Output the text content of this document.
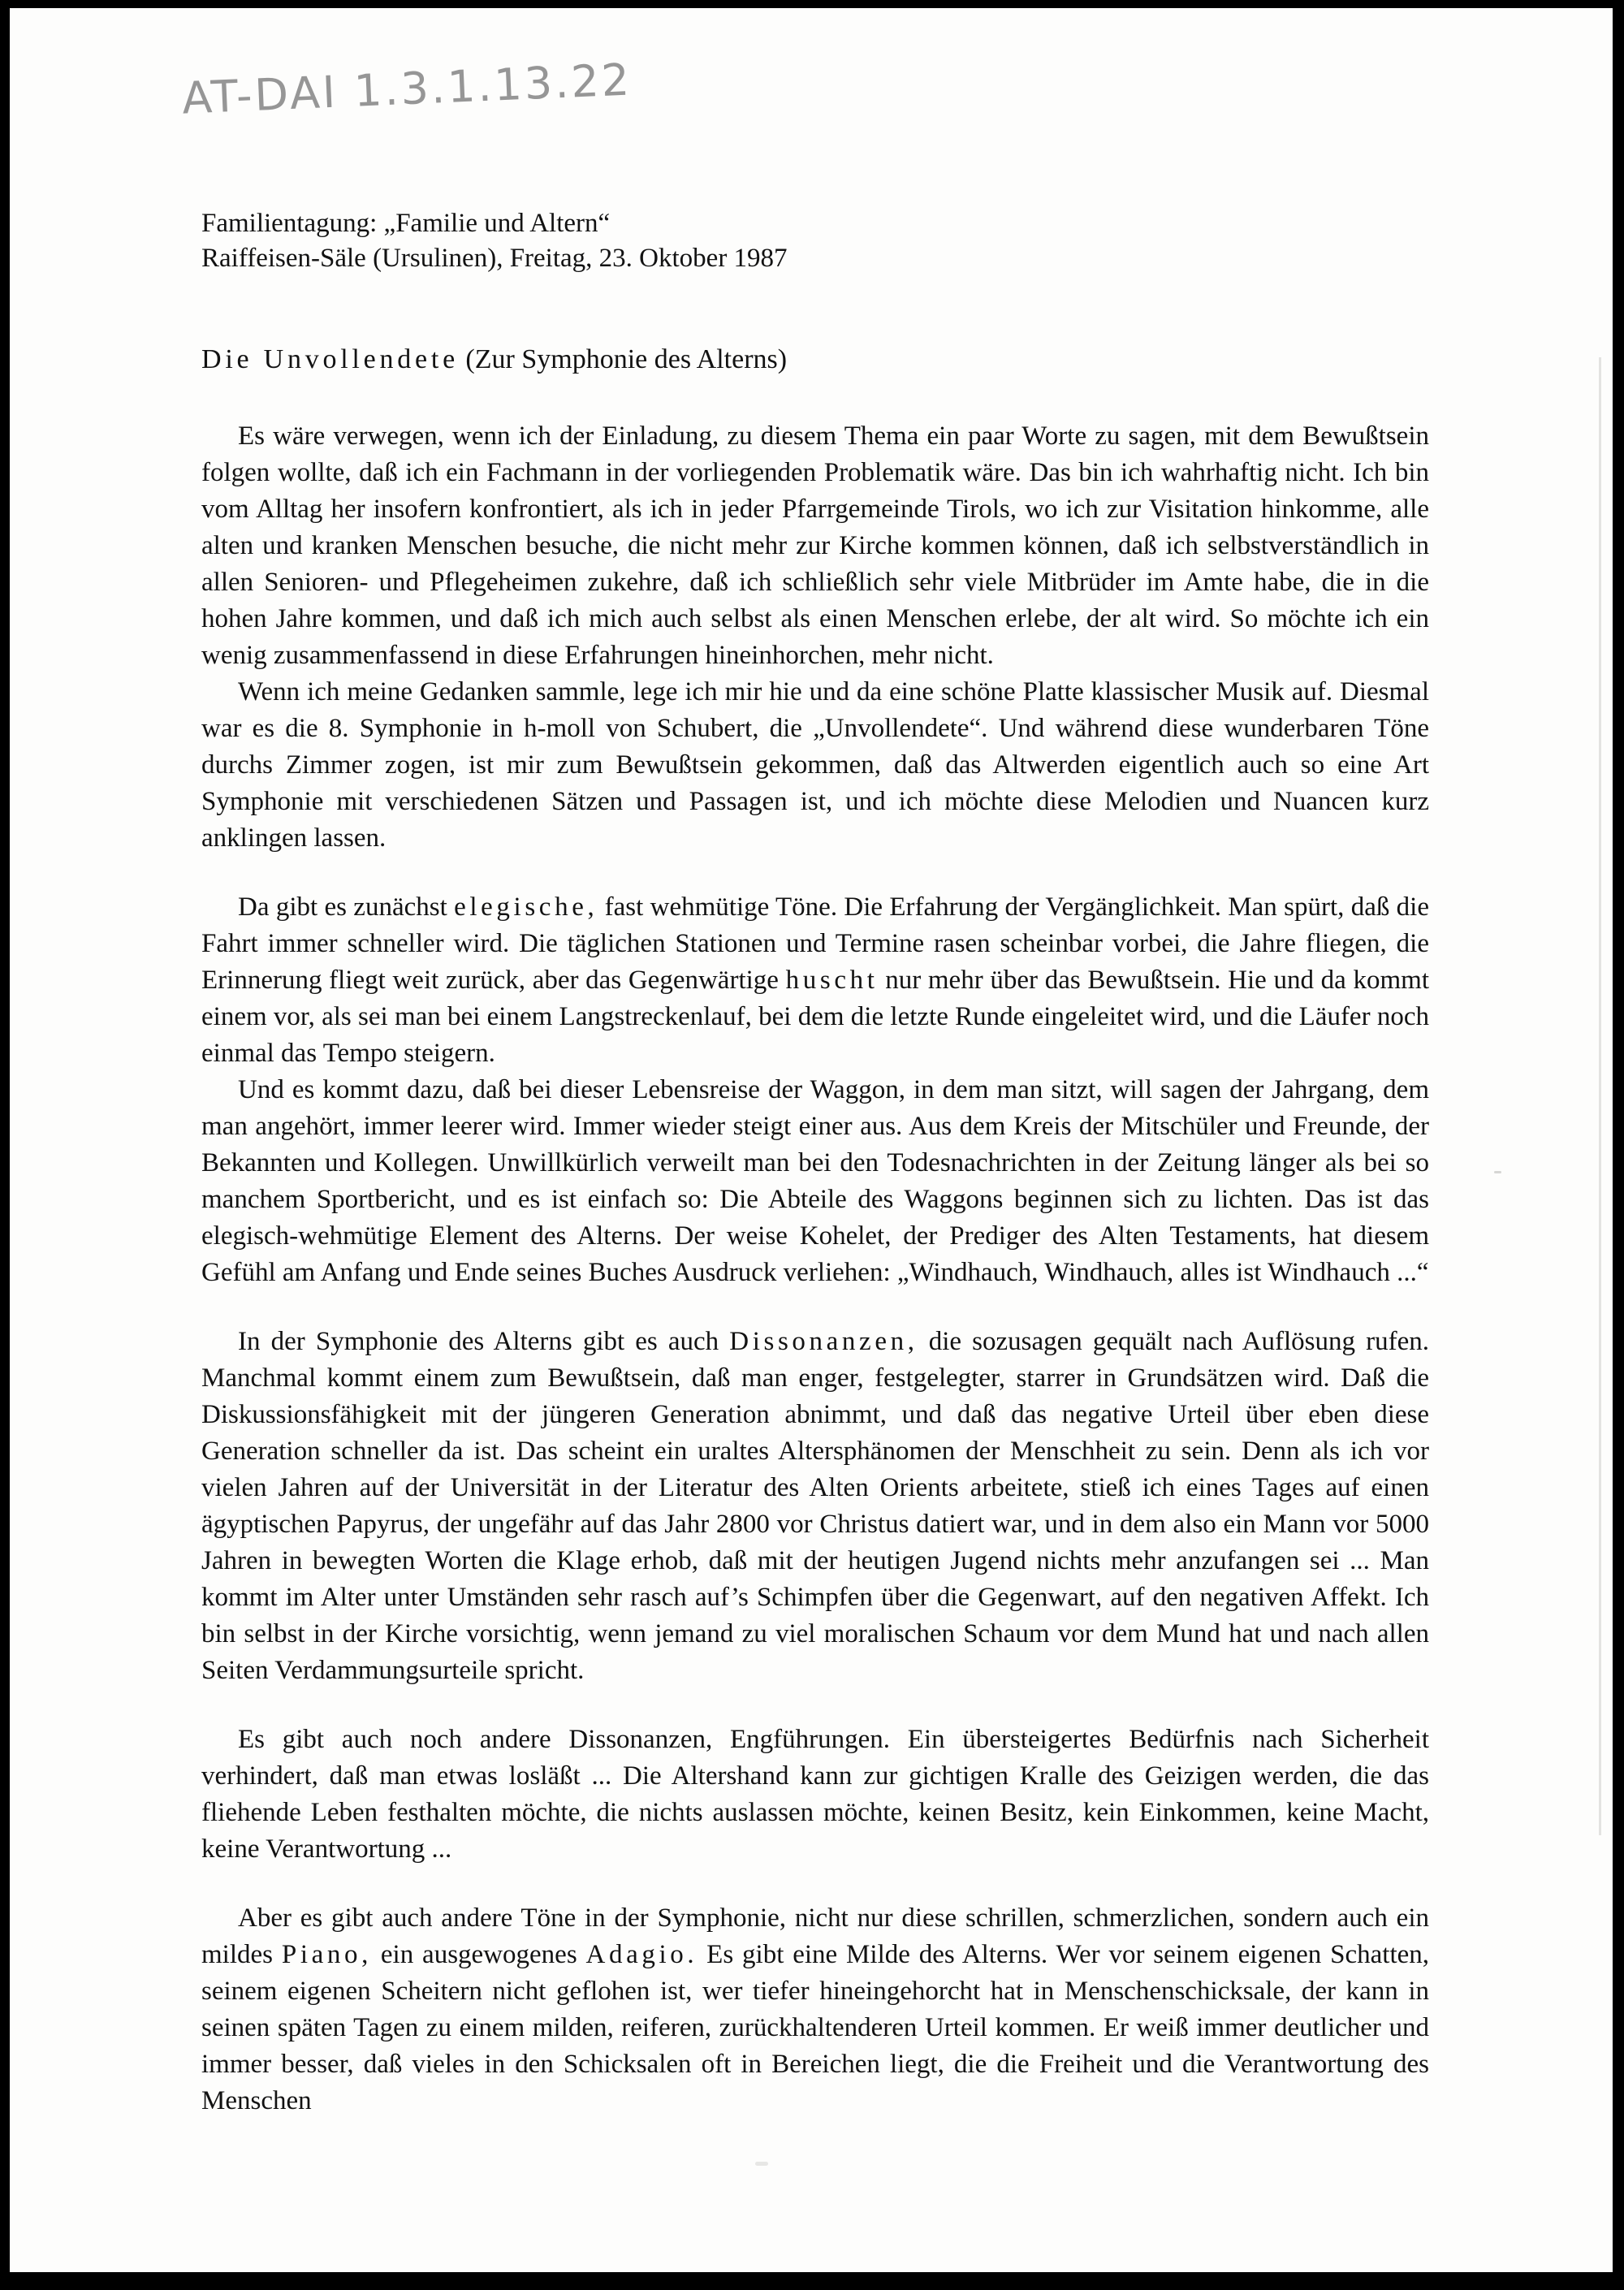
AT-DAI 1.3.1.13.22
Familientagung: „Familie und Altern“
Raiffeisen-Säle (Ursulinen), Freitag, 23. Oktober 1987
Die Unvollendete (Zur Symphonie des Alterns)

Es wäre verwegen, wenn ich der Einladung, zu diesem Thema ein paar Worte zu sagen, mit dem Bewußtsein folgen wollte, daß ich ein Fachmann in der vorliegenden Problematik wäre. Das bin ich wahrhaftig nicht. Ich bin vom Alltag her insofern konfrontiert, als ich in jeder Pfarrgemeinde Tirols, wo ich zur Visitation hinkomme, alle alten und kranken Menschen besuche, die nicht mehr zur Kirche kommen können, daß ich selbstverständlich in allen Senioren- und Pflegeheimen zukehre, daß ich schließlich sehr viele Mitbrüder im Amte habe, die in die hohen Jahre kommen, und daß ich mich auch selbst als einen Menschen erlebe, der alt wird. So möchte ich ein wenig zusammenfassend in diese Erfahrungen hineinhorchen, mehr nicht.

Wenn ich meine Gedanken sammle, lege ich mir hie und da eine schöne Platte klassischer Musik auf. Diesmal war es die 8. Symphonie in h-moll von Schubert, die „Unvollendete“. Und während diese wunderbaren Töne durchs Zimmer zogen, ist mir zum Bewußtsein gekommen, daß das Altwerden eigentlich auch so eine Art Symphonie mit verschiedenen Sätzen und Passagen ist, und ich möchte diese Melodien und Nuancen kurz anklingen lassen.

Da gibt es zunächst elegische, fast wehmütige Töne. Die Erfahrung der Vergänglichkeit. Man spürt, daß die Fahrt immer schneller wird. Die täglichen Stationen und Termine rasen scheinbar vorbei, die Jahre fliegen, die Erinnerung fliegt weit zurück, aber das Gegenwärtige huscht nur mehr über das Bewußtsein. Hie und da kommt einem vor, als sei man bei einem Langstreckenlauf, bei dem die letzte Runde eingeleitet wird, und die Läufer noch einmal das Tempo steigern.

Und es kommt dazu, daß bei dieser Lebensreise der Waggon, in dem man sitzt, will sagen der Jahrgang, dem man angehört, immer leerer wird. Immer wieder steigt einer aus. Aus dem Kreis der Mitschüler und Freunde, der Bekannten und Kollegen. Unwillkürlich verweilt man bei den Todesnachrichten in der Zeitung länger als bei so manchem Sportbericht, und es ist einfach so: Die Abteile des Waggons beginnen sich zu lichten. Das ist das elegisch-wehmütige Element des Alterns. Der weise Kohelet, der Prediger des Alten Testaments, hat diesem Gefühl am Anfang und Ende seines Buches Ausdruck verliehen: „Windhauch, Windhauch, alles ist Windhauch ...“

In der Symphonie des Alterns gibt es auch Dissonanzen, die sozusagen gequält nach Auflösung rufen. Manchmal kommt einem zum Bewußtsein, daß man enger, festgelegter, starrer in Grundsätzen wird. Daß die Diskussionsfähigkeit mit der jüngeren Generation abnimmt, und daß das negative Urteil über eben diese Generation schneller da ist. Das scheint ein uraltes Altersphänomen der Menschheit zu sein. Denn als ich vor vielen Jahren auf der Universität in der Literatur des Alten Orients arbeitete, stieß ich eines Tages auf einen ägyptischen Papyrus, der ungefähr auf das Jahr 2800 vor Christus datiert war, und in dem also ein Mann vor 5000 Jahren in bewegten Worten die Klage erhob, daß mit der heutigen Jugend nichts mehr anzufangen sei ... Man kommt im Alter unter Umständen sehr rasch auf’s Schimpfen über die Gegenwart, auf den negativen Affekt. Ich bin selbst in der Kirche vorsichtig, wenn jemand zu viel moralischen Schaum vor dem Mund hat und nach allen Seiten Verdammungsurteile spricht.

Es gibt auch noch andere Dissonanzen, Engführungen. Ein übersteigertes Bedürfnis nach Sicherheit verhindert, daß man etwas losläßt ... Die Altershand kann zur gichtigen Kralle des Geizigen werden, die das fliehende Leben festhalten möchte, die nichts auslassen möchte, keinen Besitz, kein Einkommen, keine Macht, keine Verantwortung ...

Aber es gibt auch andere Töne in der Symphonie, nicht nur diese schrillen, schmerzlichen, sondern auch ein mildes Piano, ein ausgewogenes Adagio. Es gibt eine Milde des Alterns. Wer vor seinem eigenen Schatten, seinem eigenen Scheitern nicht geflohen ist, wer tiefer hineingehorcht hat in Menschenschicksale, der kann in seinen späten Tagen zu einem milden, reiferen, zurückhaltenderen Urteil kommen. Er weiß immer deutlicher und immer besser, daß vieles in den Schicksalen oft in Bereichen liegt, die die Freiheit und die Verantwortung des Menschen
